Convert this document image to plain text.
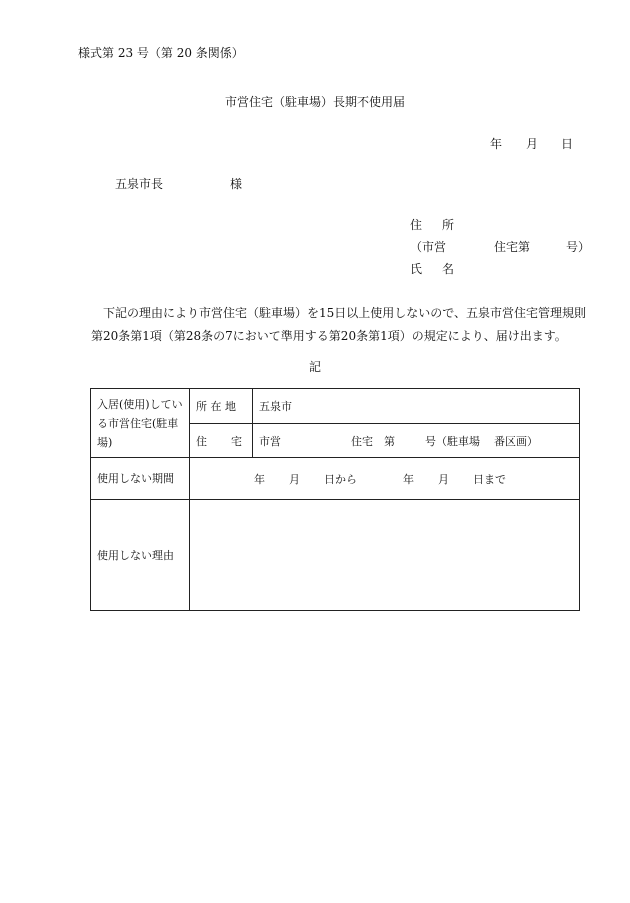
様式第 23 号（第 20 条関係）
市営住宅（駐車場）長期不使用届
年 月 日
五泉市長	様
住 所
（市営	住宅第	号）
氏 名
下記の理由により市営住宅（駐車場）を15日以上使用しないので、五泉市営住宅管理規則
第20条第1項（第28条の7において準用する第20条第1項）の規定により、届け出ます。
記
入居(使用)している市営住宅(駐車場)	所 在 地	五泉市
	住 宅	市営 住宅　第 号（駐車場 番区画）
使用しない期間	年 月 日から 年 月 日まで	
使用しない理由		
